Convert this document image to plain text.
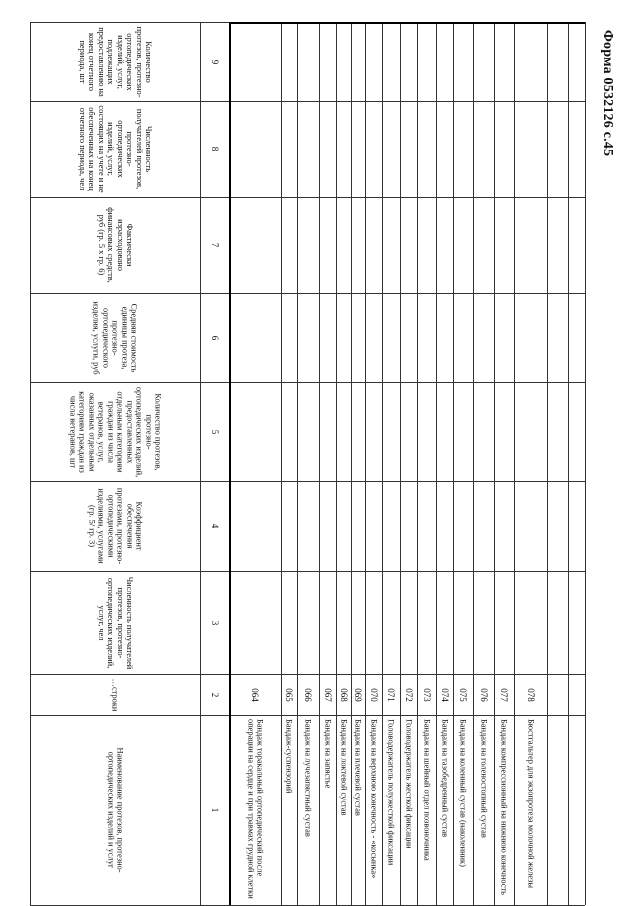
Форма 0532126 с.45
Наименование протезов, протезно-ортопедических изделий и услуг
…строки
Численность получателей протезов, протезно-ортопедических изделий, услуг, чел
Коэффициент обеспечения протезами, протезно-ортопедическими изделиями, услугами (гр. 5/ гр. 3)
Количество протезов, протезно-ортопедических изделий, предоставленных отдельным категориям граждан из числа ветеранов, услуг, оказанных отдельным категориям граждан из числа ветеранов, шт
Средняя стоимость единицы протеза, протезно-ортопедического изделия, услуги, руб
Фактически израсходовано финансовых средств, руб (гр. 5 х гр. 6)
Численность получателей протезов, протезно-ортопедических изделий, услуг, состоящих на учете и не обеспеченных на конец отчетного периода, чел
Количество протезов, протезно-ортопедических изделий, услуг, подлежащих предоставлению на конец отчетного периода, шт
1
2
3
4
5
6
7
8
9
Бандаж торакальный ортопедический после операции на сердце и при травмах грудной клетки
064
Бандаж-суспензорий
065
Бандаж на лучезапястный сустав
066
Бандаж на запястье
067
Бандаж на локтевой сустав
068
Бандаж на плечевой сустав
069
Бандаж на верхнюю конечность - «косынка»
070
Головодержатель полужесткой фиксации
071
Головодержатель жесткой фиксации
072
Бандаж на шейный отдел позвоночника
073
Бандаж на тазобедренный сустав
074
Бандаж на коленный сустав (наколенник)
075
Бандаж на голеностопный сустав
076
Бандаж компрессионный на нижнюю конечность
077
Бюстгальтер для экзопротеза молочной железы
078
